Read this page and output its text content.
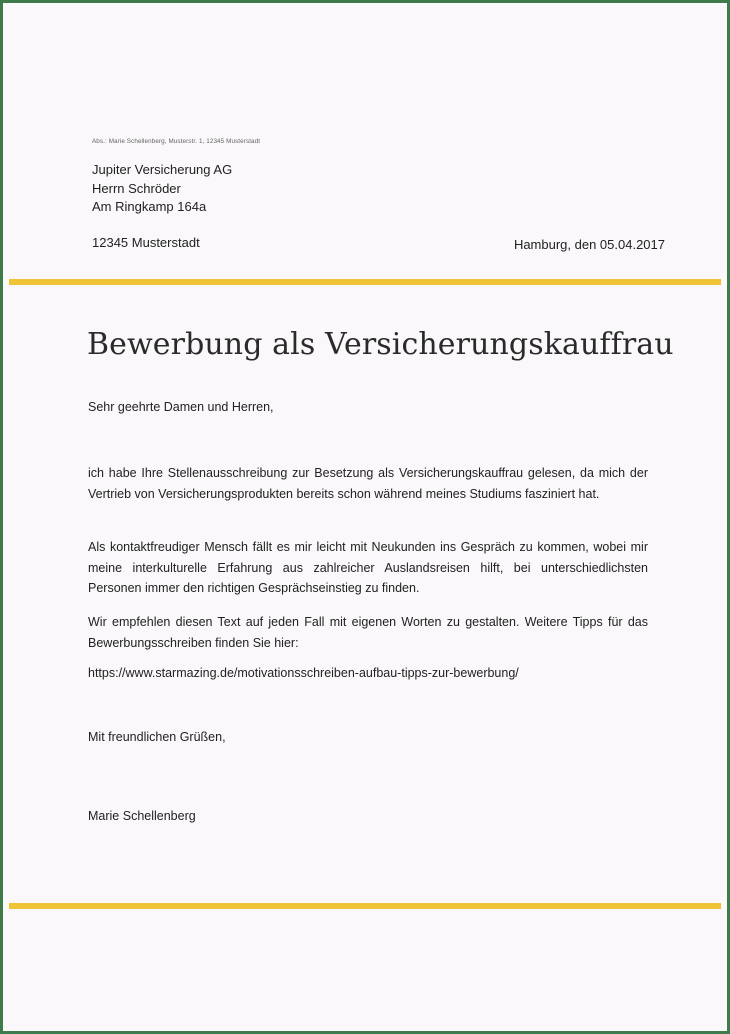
Abs.: Marie Schellenberg, Musterstr. 1, 12345 Musterstadt
Jupiter Versicherung AG
Herrn Schröder
Am Ringkamp 164a
12345 Musterstadt	Hamburg, den 05.04.2017
Bewerbung als Versicherungskauffrau
Sehr geehrte Damen und Herren,
ich habe Ihre Stellenausschreibung zur Besetzung als Versicherungskauffrau gelesen, da mich der Vertrieb von Versicherungsprodukten bereits schon während meines Studiums fasziniert hat.
Als kontaktfreudiger Mensch fällt es mir leicht mit Neukunden ins Gespräch zu kommen, wobei mir meine interkulturelle Erfahrung aus zahlreicher Auslandsreisen hilft, bei unterschiedlichsten Personen immer den richtigen Gesprächseinstieg zu finden.
Wir empfehlen diesen Text auf jeden Fall mit eigenen Worten zu gestalten. Weitere Tipps für das Bewerbungsschreiben finden Sie hier:
https://www.starmazing.de/motivationsschreiben-aufbau-tipps-zur-bewerbung/
Mit freundlichen Grüßen,
Marie Schellenberg
